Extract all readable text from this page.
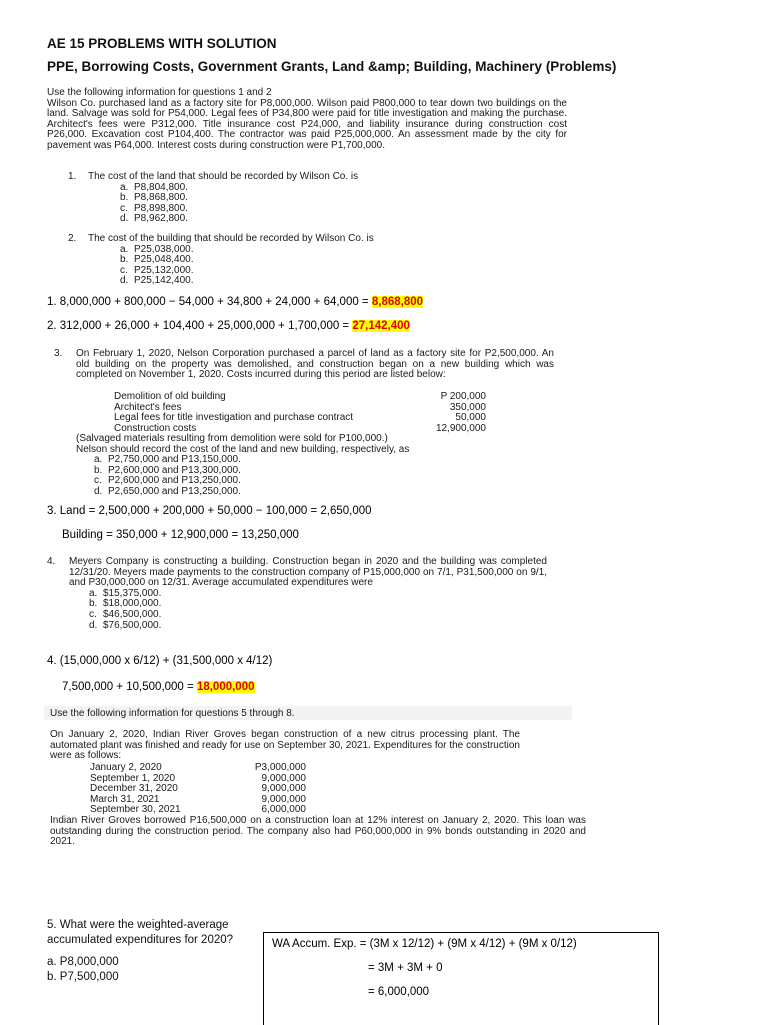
AE 15 PROBLEMS WITH SOLUTION
PPE, Borrowing Costs, Government Grants, Land &amp; Building, Machinery (Problems)
Use the following information for questions 1 and 2
Wilson Co. purchased land as a factory site for P8,000,000. Wilson paid P800,000 to tear down two buildings on the land. Salvage was sold for P54,000. Legal fees of P34,800 were paid for title investigation and making the purchase. Architect's fees were P312,000. Title insurance cost P24,000, and liability insurance during construction cost P26,000. Excavation cost P104,400. The contractor was paid P25,000,000. An assessment made by the city for pavement was P64,000. Interest costs during construction were P1,700,000.
1.	The cost of the land that should be recorded by Wilson Co. is
a. P8,804,800.
b. P8,868,800.
c. P8,898,800.
d. P8,962,800.
2.	The cost of the building that should be recorded by Wilson Co. is
a. P25,038,000.
b. P25,048,400.
c. P25,132,000.
d. P25,142,400.
1. 8,000,000 + 800,000 − 54,000 + 34,800 + 24,000 + 64,000 = 8,868,800
2. 312,000 + 26,000 + 104,400 + 25,000,000 + 1,700,000 = 27,142,400
3.	On February 1, 2020, Nelson Corporation purchased a parcel of land as a factory site for P2,500,000. An old building on the property was demolished, and construction began on a new building which was completed on November 1, 2020. Costs incurred during this period are listed below:
Demolition of old building	P 200,000
Architect's fees	350,000
Legal fees for title investigation and purchase contract	50,000
Construction costs	12,900,000
(Salvaged materials resulting from demolition were sold for P100,000.)
Nelson should record the cost of the land and new building, respectively, as
a. P2,750,000 and P13,150,000.
b. P2,600,000 and P13,300,000.
c. P2,600,000 and P13,250,000.
d. P2,650,000 and P13,250,000.
3. Land = 2,500,000 + 200,000 + 50,000 − 100,000 = 2,650,000
Building = 350,000 + 12,900,000 = 13,250,000
4.	Meyers Company is constructing a building. Construction began in 2020 and the building was completed 12/31/20. Meyers made payments to the construction company of P15,000,000 on 7/1, P31,500,000 on 9/1, and P30,000,000 on 12/31. Average accumulated expenditures were
a. $15,375,000.
b. $18,000,000.
c. $46,500,000.
d. $76,500,000.
4. (15,000,000 x 6/12) + (31,500,000 x 4/12)
7,500,000 + 10,500,000 = 18,000,000
Use the following information for questions 5 through 8.
On January 2, 2020, Indian River Groves began construction of a new citrus processing plant. The automated plant was finished and ready for use on September 30, 2021. Expenditures for the construction were as follows:
January 2, 2020	P3,000,000
September 1, 2020	9,000,000
December 31, 2020	9,000,000
March 31, 2021	9,000,000
September 30, 2021	6,000,000
Indian River Groves borrowed P16,500,000 on a construction loan at 12% interest on January 2, 2020. This loan was outstanding during the construction period. The company also had P60,000,000 in 9% bonds outstanding in 2020 and 2021.
5. What were the weighted-average accumulated expenditures for 2020?
a. P8,000,000
b. P7,500,000
WA Accum. Exp. = (3M x 12/12) + (9M x 4/12) + (9M x 0/12)
= 3M + 3M + 0
= 6,000,000
